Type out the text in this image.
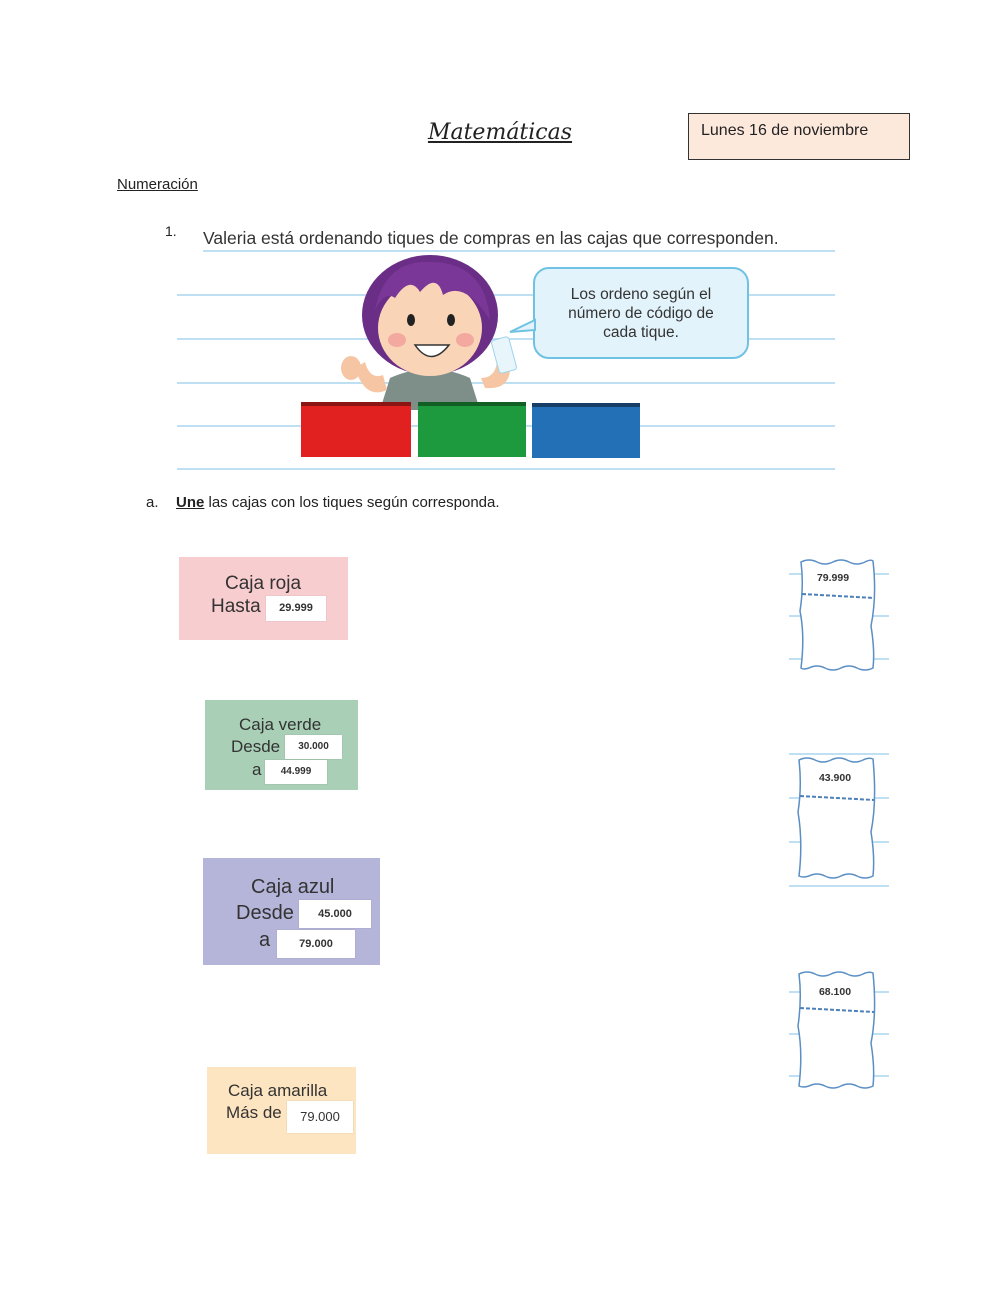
Matemáticas	Lunes 16 de noviembre
Numeración
1. Valeria está ordenando tiques de compras en las cajas que corresponden.
Los ordeno según el
número de código de
cada tique.
a. Une las cajas con los tiques según corresponda.
Caja roja
Hasta	29.999
Caja verde
Desde
a
30.000
44.999
Caja azul
Desde
a
45.000
79.000
Caja amarilla
Más de	79.000
79.999
43.900
68.100
